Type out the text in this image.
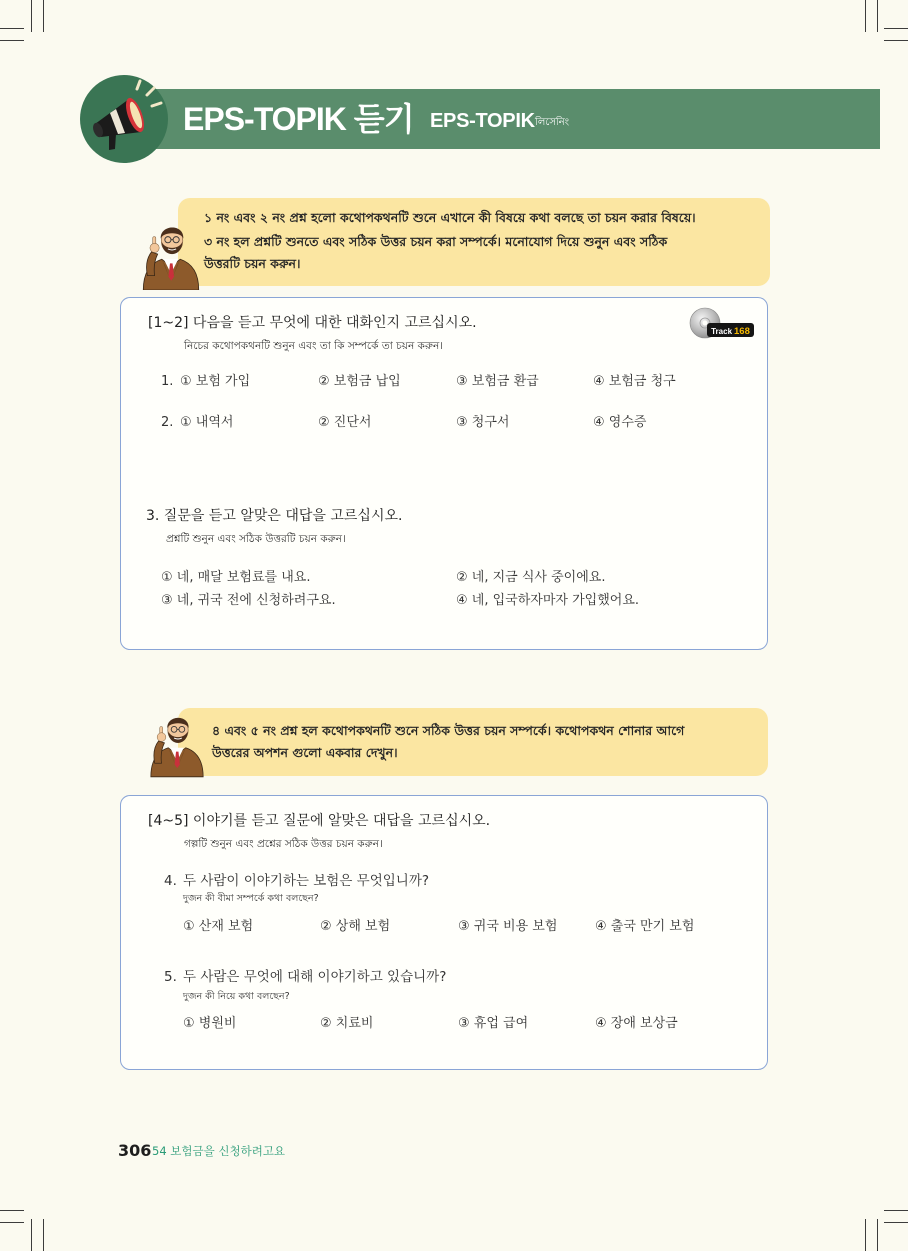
EPS-TOPIK 듣기 EPS-TOPIK লিসেনিং
১ নং এবং ২ নং প্রশ্ন হলো কথোপকথনটি শুনে এখানে কী বিষয়ে কথা বলছে তা চয়ন করার বিষয়ে।
৩ নং হল প্রশ্নটি শুনতে এবং সঠিক উত্তর চয়ন করা সম্পর্কে। মনোযোগ দিয়ে শুনুন এবং সঠিক
উত্তরটি চয়ন করুন।
[1~2] 다음을 듣고 무엇에 대한 대화인지 고르십시오.
নিচের কথোপকথনটি শুনুন এবং তা কি সম্পর্কে তা চয়ন করুন।
Track 168
1. ① 보험 가입	② 보험금 납입	③ 보험금 환급	④ 보험금 청구
2. ① 내역서	② 진단서	③ 청구서	④ 영수증
3. 질문을 듣고 알맞은 대답을 고르십시오.
প্রশ্নটি শুনুন এবং সঠিক উত্তরটি চয়ন করুন।
① 네, 매달 보험료를 내요.	② 네, 지금 식사 중이에요.
③ 네, 귀국 전에 신청하려구요.	④ 네, 입국하자마자 가입했어요.
৪ এবং ৫ নং প্রশ্ন হল কথোপকথনটি শুনে সঠিক উত্তর চয়ন সম্পর্কে। কথোপকথন শোনার আগে
উত্তরের অপশন গুলো একবার দেখুন।
[4~5] 이야기를 듣고 질문에 알맞은 대답을 고르십시오.
গল্পটি শুনুন এবং প্রশ্নের সঠিক উত্তর চয়ন করুন।
4. 두 사람이 이야기하는 보험은 무엇입니까?
দুজন কী বীমা সম্পর্কে কথা বলছেন?
① 산재 보험	② 상해 보험	③ 귀국 비용 보험	④ 출국 만기 보험
5. 두 사람은 무엇에 대해 이야기하고 있습니까?
দুজন কী নিয়ে কথা বলছেন?
① 병원비	② 치료비	③ 휴업 급여	④ 장애 보상금
306 54 보험금을 신청하려고요
